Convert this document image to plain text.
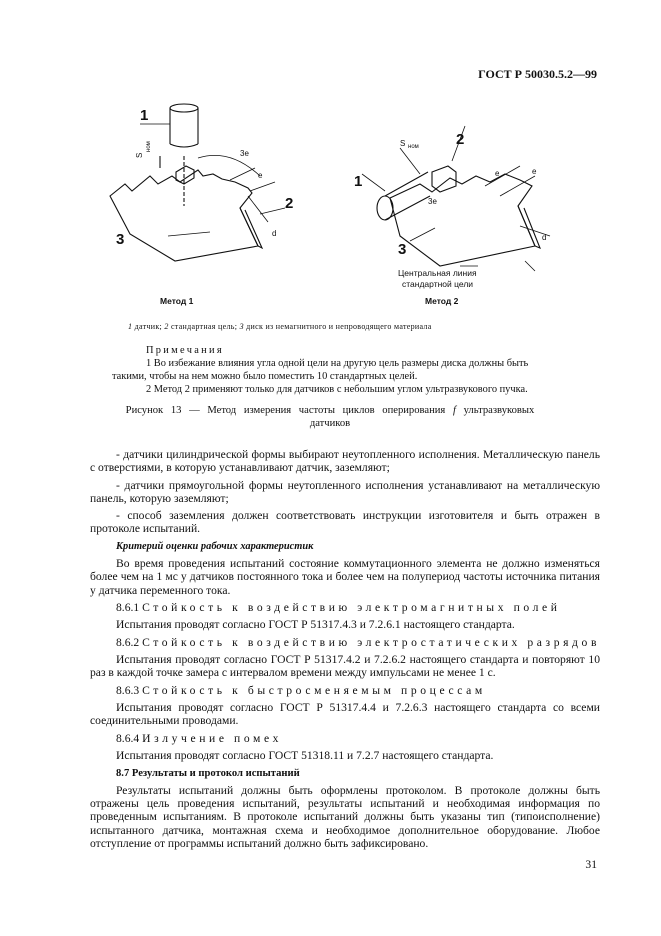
ГОСТ Р 50030.5.2—99
1
2
3
1
2
3
3e
e
d
S
ном
3e
e	e
d
S ном
Центральная линия
стандартной цели
Метод 1	Метод 2
1 датчик; 2 стандартная цель; 3 диск из немагнитного и непроводящего материала

Примечания

1 Во избежание влияния угла одной цели на другую цель размеры диска должны быть такими, чтобы на нем можно было поместить 10 стандартных целей.

2 Метод 2 применяют только для датчиков с небольшим углом ультразвукового пучка.

Рисунок 13 — Метод измерения частоты циклов оперирования f ультразвуковых
датчиков

- датчики цилиндрической формы выбирают неутопленного исполнения. Металлическую панель с отверстиями, в которую устанавливают датчик, заземляют;

- датчики прямоугольной формы неутопленного исполнения устанавливают на металлическую панель, которую заземляют;

- способ заземления должен соответствовать инструкции изготовителя и быть отражен в протоколе испытаний.

Критерий оценки рабочих характеристик

Во время проведения испытаний состояние коммутационного элемента не должно изменяться более чем на 1 мс у датчиков постоянного тока и более чем на полупериод частоты источника питания у датчика переменного тока.

8.6.1 Стойкость к воздействию электромагнитных полей

Испытания проводят согласно ГОСТ Р 51317.4.3 и 7.2.6.1 настоящего стандарта.

8.6.2 Стойкость к воздействию электростатических разрядов

Испытания проводят согласно ГОСТ Р 51317.4.2 и 7.2.6.2 настоящего стандарта и повторяют 10 раз в каждой точке замера с интервалом времени между импульсами не менее 1 с.

8.6.3 Стойкость к быстросменяемым процессам

Испытания проводят согласно ГОСТ Р 51317.4.4 и 7.2.6.3 настоящего стандарта со всеми соединительными проводами.

8.6.4 Излучение помех

Испытания проводят согласно ГОСТ 51318.11 и 7.2.7 настоящего стандарта.

8.7 Результаты и протокол испытаний

Результаты испытаний должны быть оформлены протоколом. В протоколе должны быть отражены цель проведения испытаний, результаты испытаний и необходимая информация по проведенным испытаниям. В протоколе испытаний должны быть указаны тип (типоисполнение) испытанного датчика, монтажная схема и необходимое дополнительное оборудование. Любое отступление от программы испытаний должно быть зафиксировано.

31
